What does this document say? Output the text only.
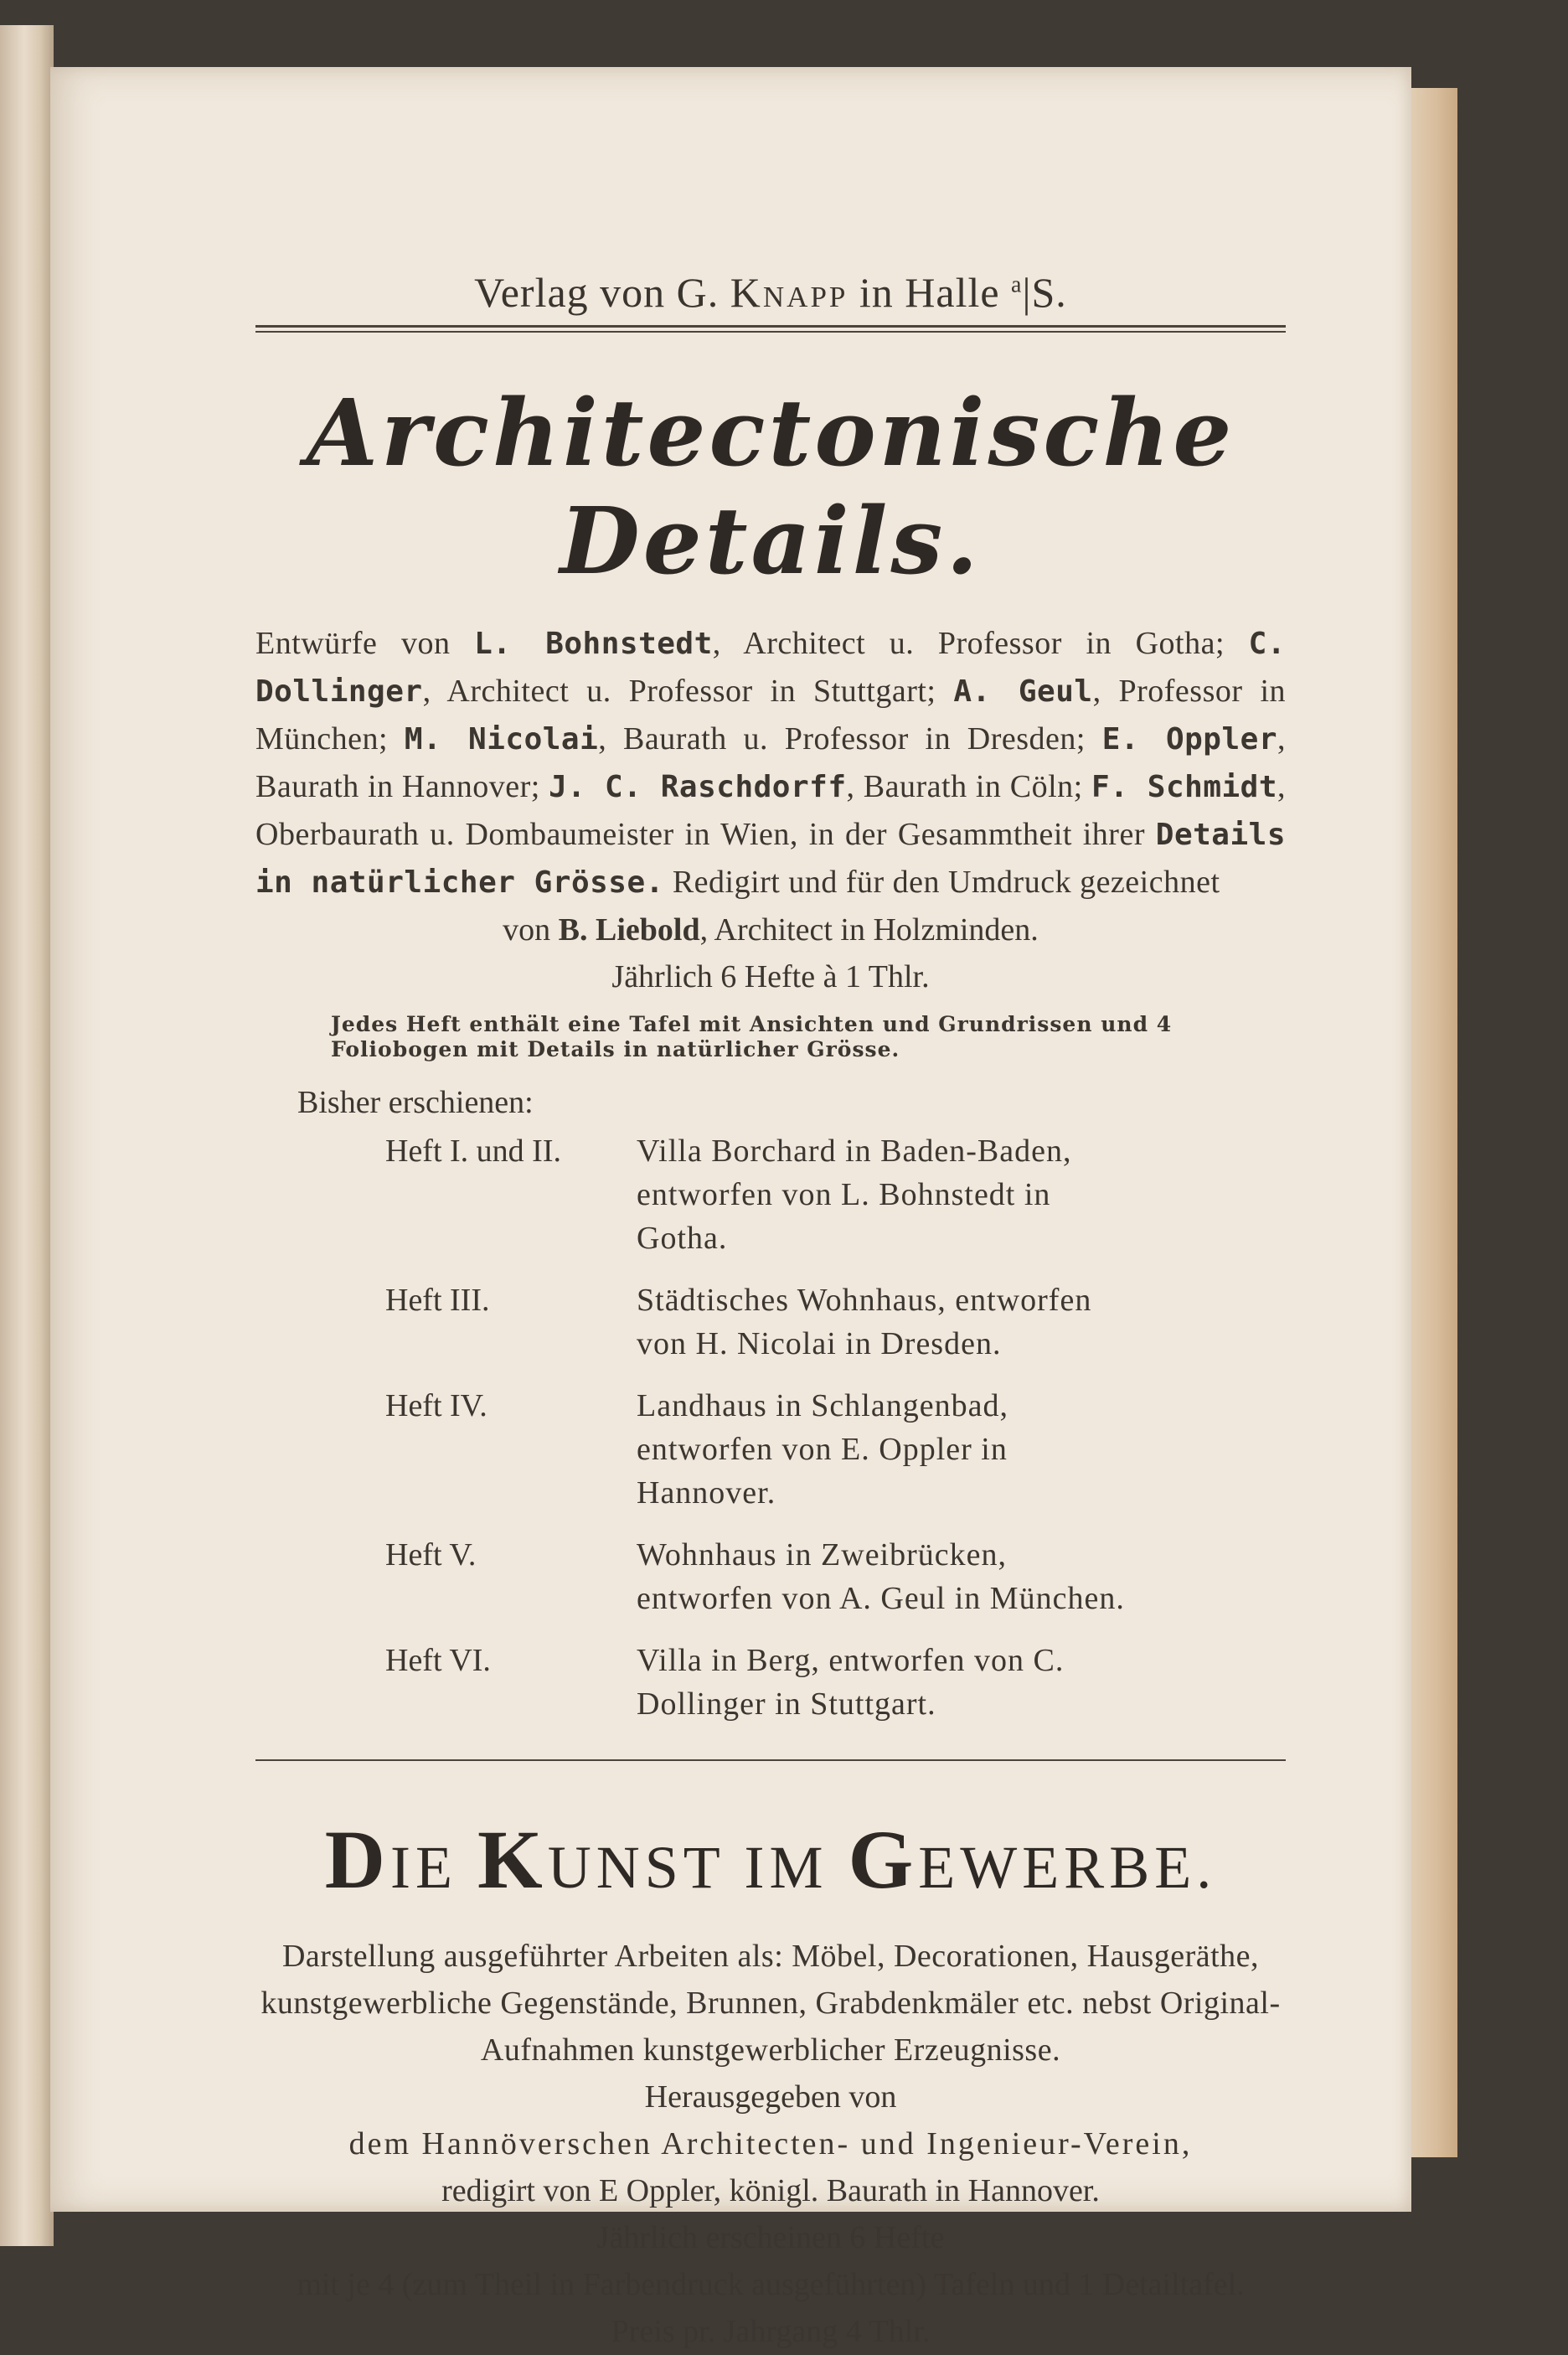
Verlag von G. Knapp in Halle $^a$|S.

Architectonische Details.

Entwürfe von L. Bohnstedt, Architect u. Professor in Gotha; C. Dollinger, Architect u. Professor in Stuttgart; A. Geul, Professor in München; M. Nicolai, Baurath u. Professor in Dresden; E. Oppler, Baurath in Hannover; J. C. Raschdorff, Baurath in Cöln; F. Schmidt, Oberbaurath u. Dombaumeister in Wien, in der Gesammtheit ihrer Details in natürlicher Grösse. Redigirt und für den Umdruck gezeichnet

von B. Liebold, Architect in Holzminden.

Jährlich 6 Hefte à 1 Thlr.

Jedes Heft enthält eine Tafel mit Ansichten und Grundrissen und 4 Foliobogen mit Details in natürlicher Grösse.

Bisher erschienen:

Heft I. und II.	Villa Borchard in Baden-Baden, entworfen von L. Bohnstedt in Gotha.
Heft III.	Städtisches Wohnhaus, entworfen von H. Nicolai in Dresden.
Heft IV.	Landhaus in Schlangenbad, entworfen von E. Oppler in Hannover.
Heft V.	Wohnhaus in Zweibrücken, entworfen von A. Geul in München.
Heft VI.	Villa in Berg, entworfen von C. Dollinger in Stuttgart.
DIE KUNST IM GEWERBE.

Darstellung ausgeführter Arbeiten als: Möbel, Decorationen, Hausgeräthe, kunstgewerbliche Gegenstände, Brunnen, Grabdenkmäler etc. nebst Original-Aufnahmen kunstgewerblicher Erzeugnisse.

Herausgegeben von

dem Hannöverschen Architecten- und Ingenieur-Verein,

redigirt von E Oppler, königl. Baurath in Hannover.

Jährlich erscheinen 6 Hefte

mit je 4 (zum Theil in Farbendruck ausgeführten) Tafeln und 1 Detailtafel.

Preis pr. Jahrgang 4 Thlr.
